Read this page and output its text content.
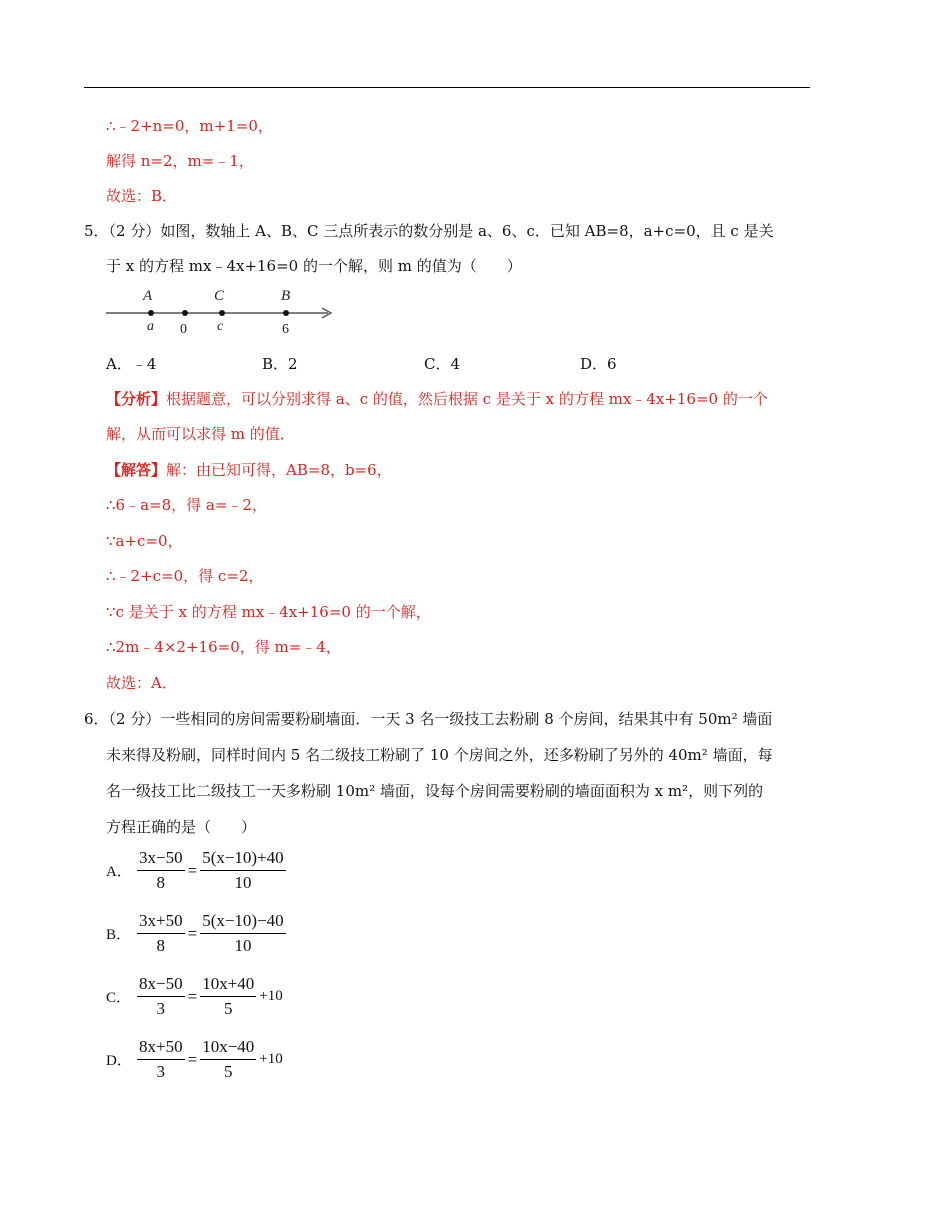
∴﹣2+n=0，m+1=0，
解得 n=2，m=﹣1，
故选：B．
5．（2 分）如图，数轴上 A、B、C 三点所表示的数分别是 a、6、c．已知 AB=8，a+c=0，且 c 是关
于 x 的方程 mx﹣4x+16=0 的一个解，则 m 的值为（　　）
A	C	B
a 0 c	6
A．﹣4	B．2	C．4	D．6
【分析】根据题意，可以分别求得 a、c 的值，然后根据 c 是关于 x 的方程 mx﹣4x+16=0 的一个
解，从而可以求得 m 的值．
【解答】解：由已知可得，AB=8，b=6，
∴6﹣a=8，得 a=﹣2，
∵a+c=0，
∴﹣2+c=0，得 c=2，
∵c 是关于 x 的方程 mx﹣4x+16=0 的一个解，
∴2m﹣4×2+16=0，得 m=﹣4，
故选：A．
6．（2 分）一些相同的房间需要粉刷墙面．一天 3 名一级技工去粉刷 8 个房间，结果其中有 50m² 墙面
未来得及粉刷，同样时间内 5 名二级技工粉刷了 10 个房间之外，还多粉刷了另外的 40m² 墙面，每
名一级技工比二级技工一天多粉刷 10m² 墙面，设每个房间需要粉刷的墙面面积为 x m²，则下列的
方程正确的是（　　）
A． $\frac{3x-50}{8} = \frac{5(x-10)+40}{10}$
B． $\frac{3x+50}{8} = \frac{5(x-10)-40}{10}$
C． $\frac{8x-50}{3} = \frac{10x+40}{5} +10$
D． $\frac{8x+50}{3} = \frac{10x-40}{5} +10$
